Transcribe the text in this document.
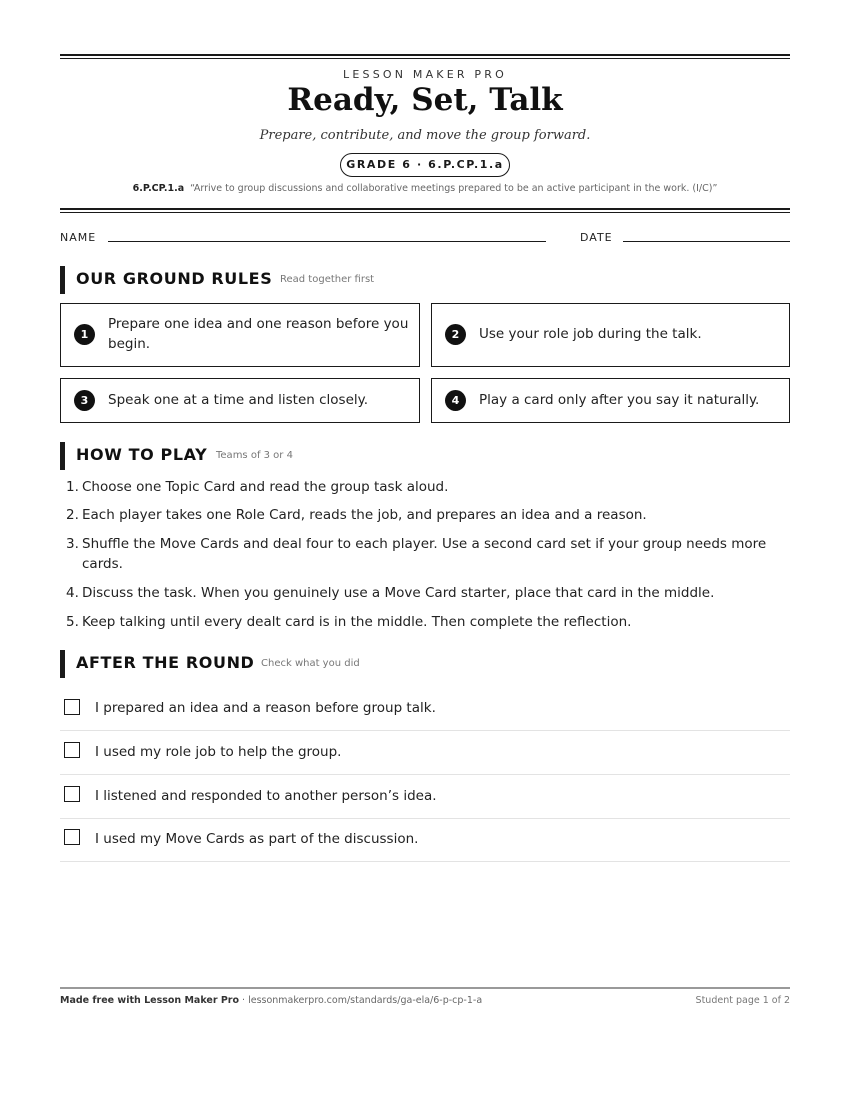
LESSON MAKER PRO
Ready, Set, Talk
Prepare, contribute, and move the group forward.
GRADE 6 · 6.P.CP.1.a
6.P.CP.1.a “Arrive to group discussions and collaborative meetings prepared to be an active participant in the work. (I/C)”
NAME	DATE
OUR GROUND RULES Read together first
1
Prepare one idea and one reason before you begin.
2	Use your role job during the talk.
3	Speak one at a time and listen closely.	4	Play a card only after you say it naturally.
HOW TO PLAY Teams of 3 or 4
1. Choose one Topic Card and read the group task aloud.
2. Each player takes one Role Card, reads the job, and prepares an idea and a reason.
3. Shuffle the Move Cards and deal four to each player. Use a second card set if your group needs more cards.
4. Discuss the task. When you genuinely use a Move Card starter, place that card in the middle.
5. Keep talking until every dealt card is in the middle. Then complete the reflection.
AFTER THE ROUND Check what you did
I prepared an idea and a reason before group talk.
I used my role job to help the group.
I listened and responded to another person’s idea.
I used my Move Cards as part of the discussion.
Made free with Lesson Maker Pro · lessonmakerpro.com/standards/ga-ela/6-p-cp-1-a	Student page 1 of 2
